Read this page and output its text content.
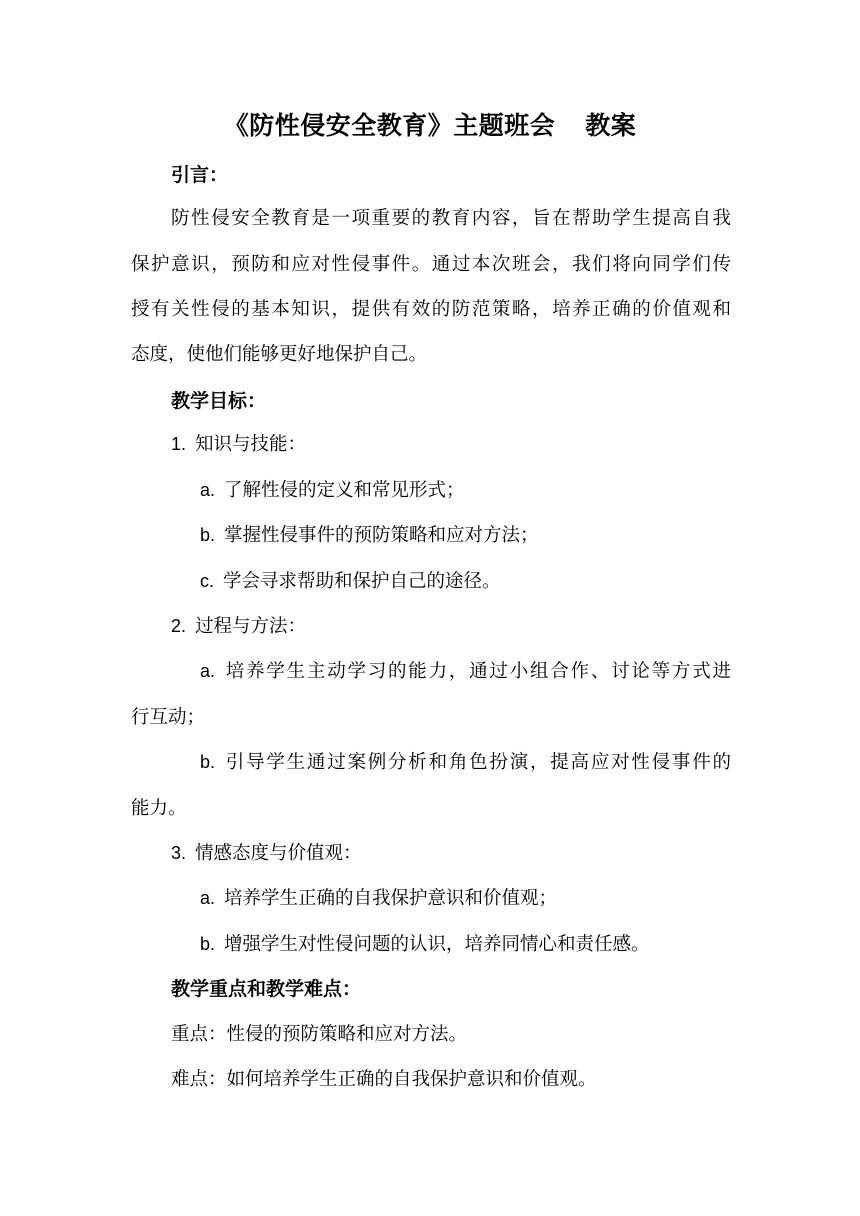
《防性侵安全教育》主题班会 教案
引言：
防性侵安全教育是一项重要的教育内容，旨在帮助学生提高自我
保护意识，预防和应对性侵事件。通过本次班会，我们将向同学们传
授有关性侵的基本知识，提供有效的防范策略，培养正确的价值观和
态度，使他们能够更好地保护自己。
教学目标：
1. 知识与技能：
a. 了解性侵的定义和常见形式；
b. 掌握性侵事件的预防策略和应对方法；
c. 学会寻求帮助和保护自己的途径。
2. 过程与方法：
a. 培养学生主动学习的能力，通过小组合作、讨论等方式进
行互动；
b. 引导学生通过案例分析和角色扮演，提高应对性侵事件的
能力。
3. 情感态度与价值观：
a. 培养学生正确的自我保护意识和价值观；
b. 增强学生对性侵问题的认识，培养同情心和责任感。
教学重点和教学难点：
重点：性侵的预防策略和应对方法。
难点：如何培养学生正确的自我保护意识和价值观。
